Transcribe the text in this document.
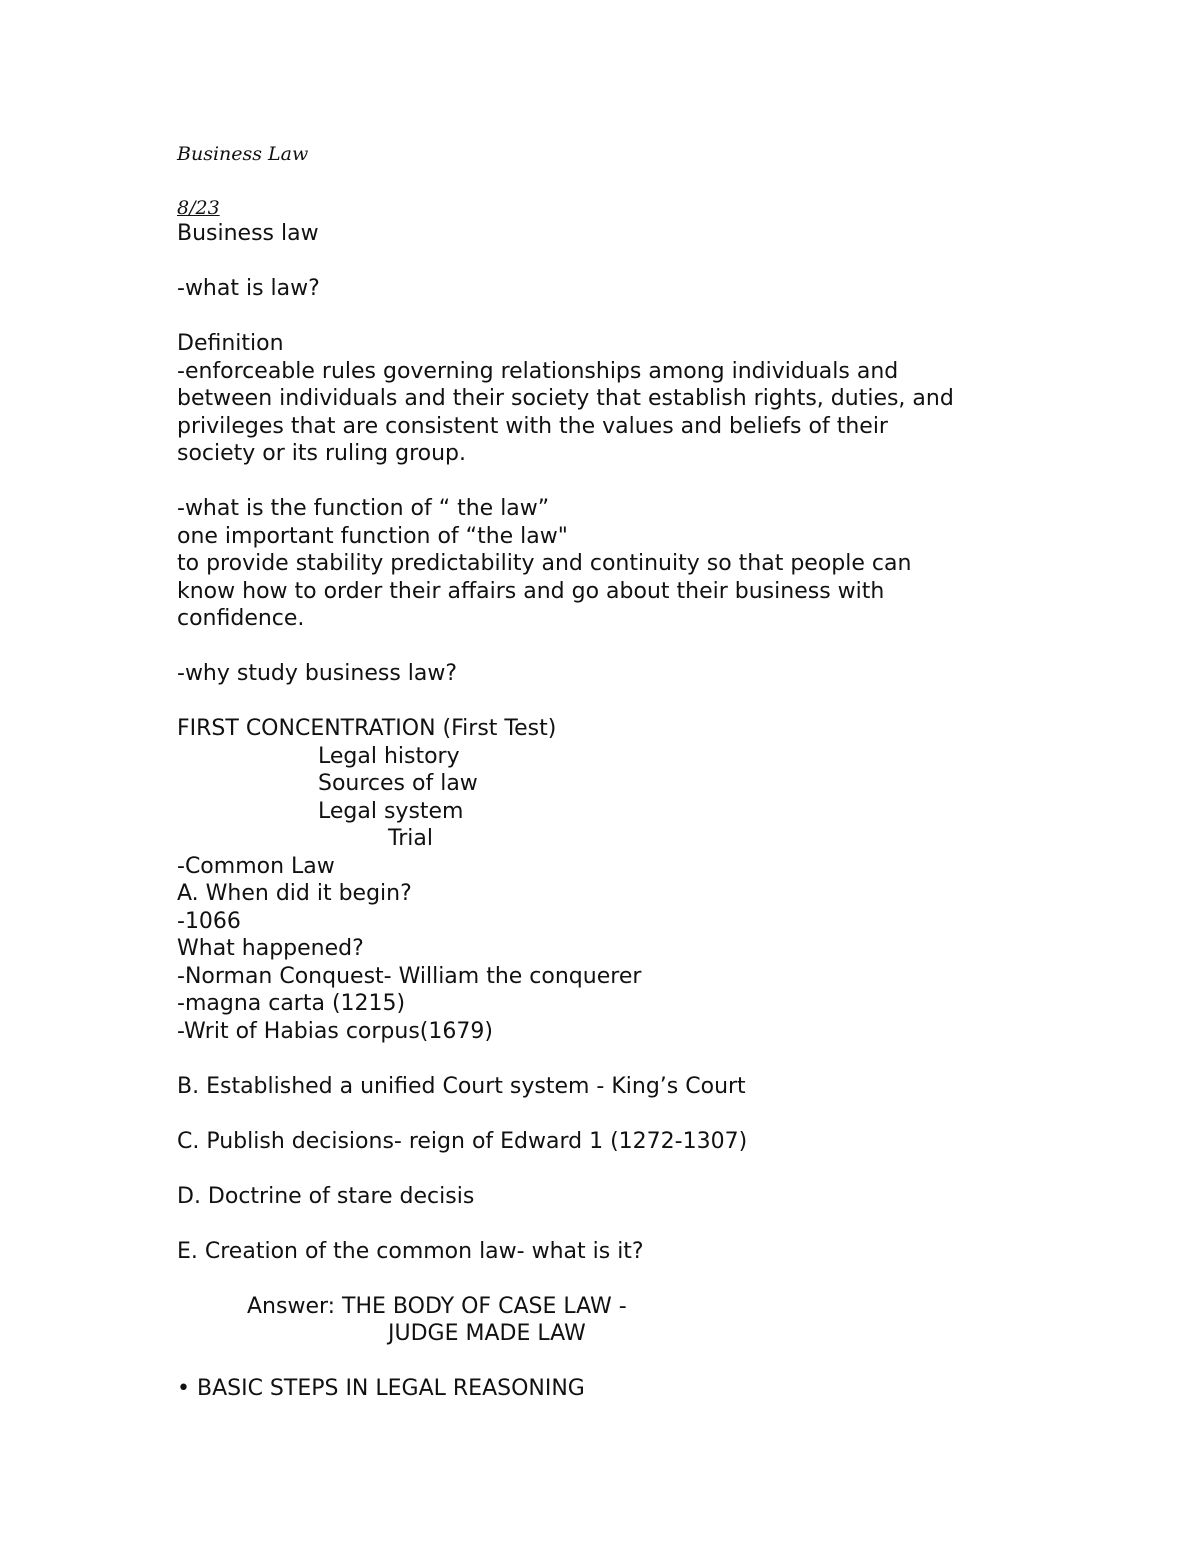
Business Law
8/23
Business law
-what is law?
Definition
-enforceable rules governing relationships among individuals and
between individuals and their society that establish rights, duties, and
privileges that are consistent with the values and beliefs of their
society or its ruling group.
-what is the function of “ the law”
one important function of “the law"
to provide stability predictability and continuity so that people can
know how to order their affairs and go about their business with
confidence.
-why study business law?
FIRST CONCENTRATION (First Test)
Legal history
Sources of law
Legal system
Trial
-Common Law
A. When did it begin?
-1066
What happened?
-Norman Conquest- William the conquerer
-magna carta (1215)
-Writ of Habias corpus(1679)
B. Established a unified Court system - King’s Court
C. Publish decisions- reign of Edward 1 (1272-1307)
D. Doctrine of stare decisis
E. Creation of the common law- what is it?
Answer: THE BODY OF CASE LAW -
JUDGE MADE LAW
• BASIC STEPS IN LEGAL REASONING
